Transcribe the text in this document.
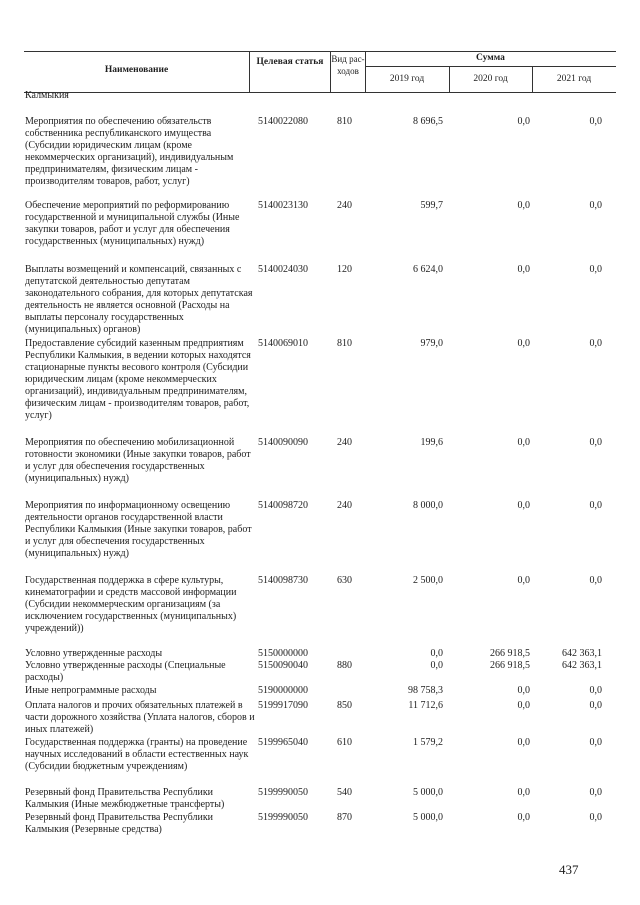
Наименование
Целевая статья Вид рас-ходов
Сумма
2019 год	2020 год	2021 год
Калмыкия
Мероприятия по обеспечению обязательств собственника республиканского имущества (Субсидии юридическим лицам (кроме некоммерческих организаций), индивидуальным предпринимателям, физическим лицам - производителям товаров, работ, услуг)
5140022080	810	8 696,5	0,0	0,0
Обеспечение мероприятий по реформированию государственной и муниципальной службы (Иные закупки товаров, работ и услуг для обеспечения государственных (муниципальных) нужд)
5140023130	240	599,7	0,0	0,0
Выплаты возмещений и компенсаций, связанных с депутатской деятельностью депутатам законодательного собрания, для которых депутатская деятельность не является основной (Расходы на выплаты персоналу государственных (муниципальных) органов)
5140024030	120	6 624,0	0,0	0,0
Предоставление субсидий казенным предприятиям Республики Калмыкия, в ведении которых находятся стационарные пункты весового контроля (Субсидии юридическим лицам (кроме некоммерческих организаций), индивидуальным предпринимателям, физическим лицам - производителям товаров, работ, услуг)
5140069010	810	979,0	0,0	0,0
Мероприятия по обеспечению мобилизационной готовности экономики (Иные закупки товаров, работ и услуг для обеспечения государственных (муниципальных) нужд)
5140090090	240	199,6	0,0	0,0
Мероприятия по информационному освещению деятельности органов государственной власти Республики Калмыкия (Иные закупки товаров, работ и услуг для обеспечения государственных (муниципальных) нужд)
5140098720	240	8 000,0	0,0	0,0
Государственная поддержка в сфере культуры, кинематографии и средств массовой информации (Субсидии некоммерческим организациям (за исключением государственных (муниципальных) учреждений))
5140098730	630	2 500,0	0,0	0,0
Условно утвержденные расходы	5150000000	0,0	266 918,5	642 363,1
Условно утвержденные расходы (Специальные расходы)
5150090040	880	0,0	266 918,5	642 363,1
Иные непрограммные расходы	5190000000	98 758,3	0,0	0,0
Оплата налогов и прочих обязательных платежей в части дорожного хозяйства (Уплата налогов, сборов и иных платежей)
5199917090	850	11 712,6	0,0	0,0
Государственная поддержка (гранты) на проведение научных исследований в области естественных наук (Субсидии бюджетным учреждениям)
5199965040	610	1 579,2	0,0	0,0
Резервный фонд Правительства Республики Калмыкия (Иные межбюджетные трансферты)
5199990050	540	5 000,0	0,0	0,0
Резервный фонд Правительства Республики Калмыкия (Резервные средства)
5199990050	870	5 000,0	0,0	0,0
437
